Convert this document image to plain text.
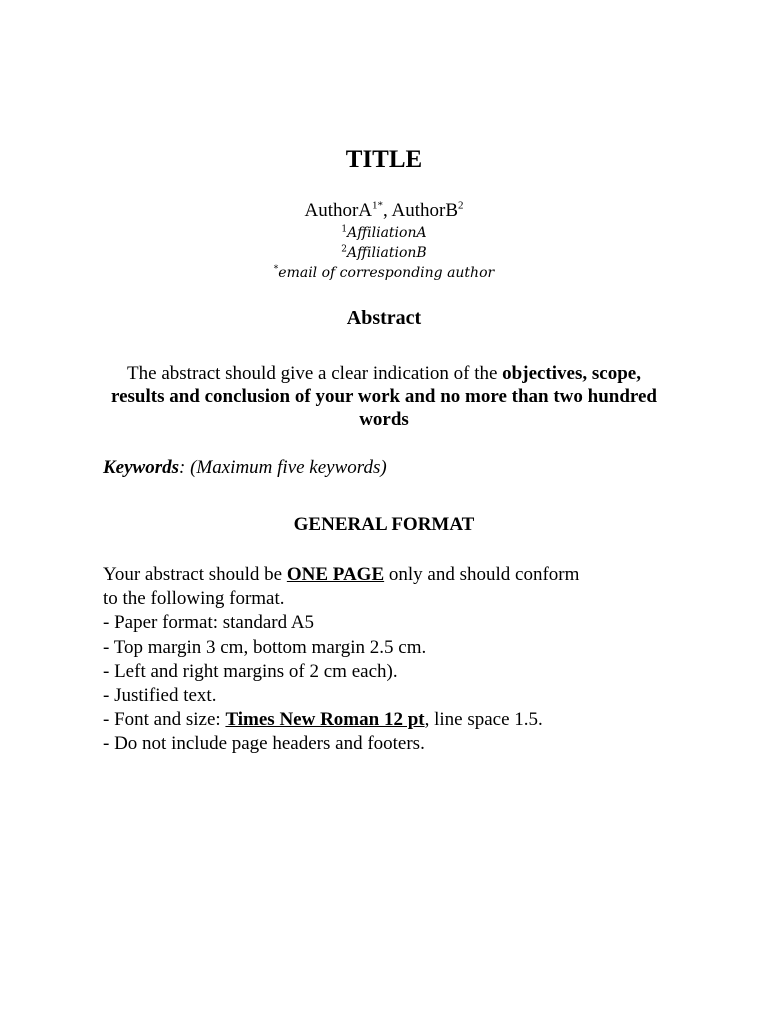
TITLE
AuthorA$^{1*}$, AuthorB$^2$
$^1$AffiliationA
$^2$AffiliationB
*email of corresponding author
Abstract

The abstract should give a clear indication of the objectives, scope, results and conclusion of your work and no more than two hundred words

Keywords: (Maximum five keywords)

GENERAL FORMAT
Your abstract should be ONE PAGE only and should conform
to the following format.
- Paper format: standard A5
- Top margin 3 cm, bottom margin 2.5 cm.
- Left and right margins of 2 cm each).
- Justified text.
- Font and size: Times New Roman 12 pt, line space 1.5.
- Do not include page headers and footers.
